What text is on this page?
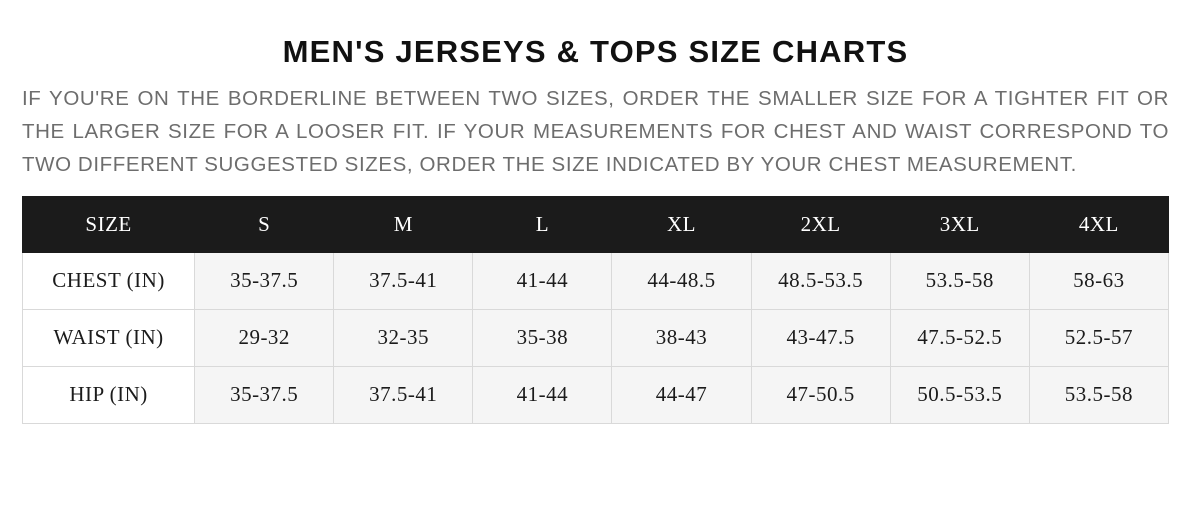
MEN'S JERSEYS & TOPS SIZE CHARTS

IF YOU'RE ON THE BORDERLINE BETWEEN TWO SIZES, ORDER THE SMALLER SIZE FOR A TIGHTER FIT OR THE LARGER SIZE FOR A LOOSER FIT. IF YOUR MEASUREMENTS FOR CHEST AND WAIST CORRESPOND TO TWO DIFFERENT SUGGESTED SIZES, ORDER THE SIZE INDICATED BY YOUR CHEST MEASUREMENT.

SIZE	S	M	L	XL	2XL	3XL	4XL
CHEST (IN)	35-37.5	37.5-41	41-44	44-48.5	48.5-53.5	53.5-58	58-63
WAIST (IN)	29-32	32-35	35-38	38-43	43-47.5	47.5-52.5	52.5-57
HIP (IN)	35-37.5	37.5-41	41-44	44-47	47-50.5	50.5-53.5	53.5-58
